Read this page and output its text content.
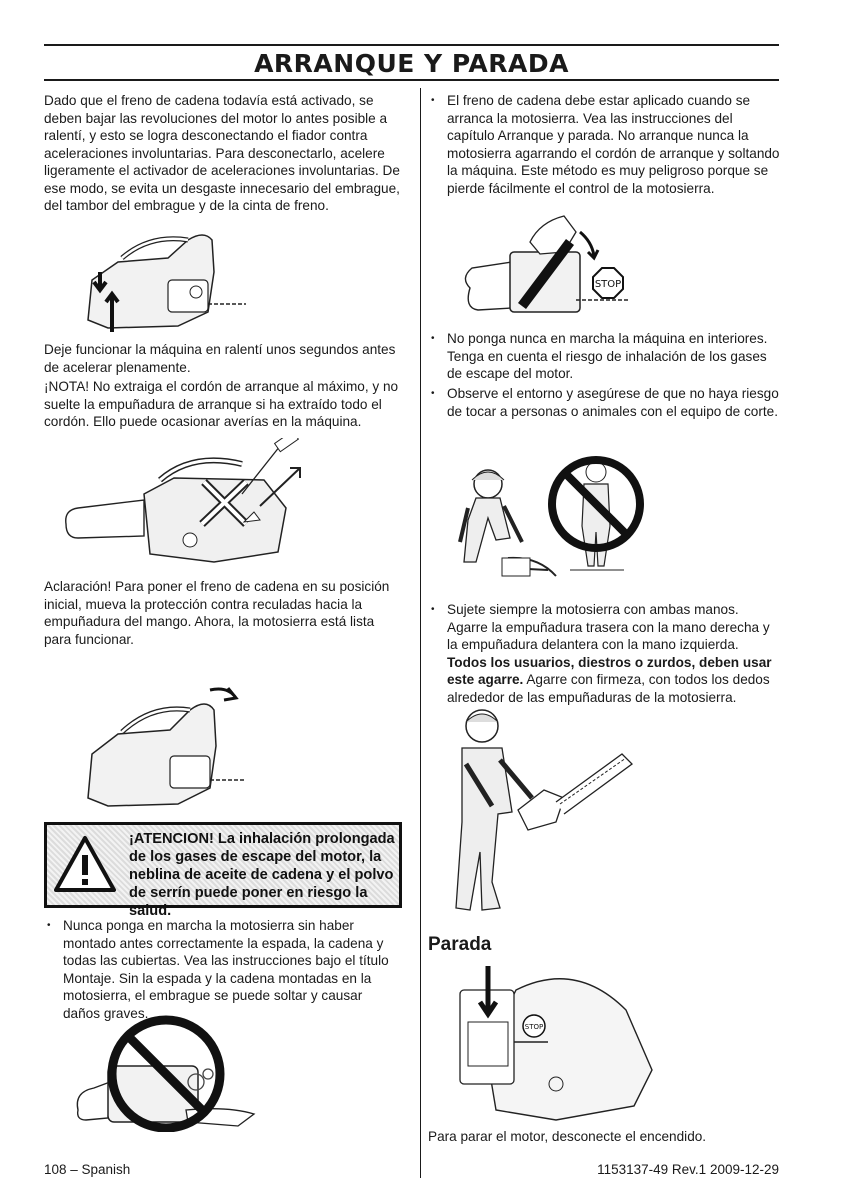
ARRANQUE Y PARADA

Dado que el freno de cadena todavía está activado, se deben bajar las revoluciones del motor lo antes posible a ralentí, y esto se logra desconectando el fiador contra aceleraciones involuntarias. Para desconectarlo, acelere ligeramente el activador de aceleraciones involuntarias. De ese modo, se evita un desgaste innecesario del embrague, del tambor del embrague y de la cinta de freno.

Deje funcionar la máquina en ralentí unos segundos antes de acelerar plenamente.

¡NOTA! No extraiga el cordón de arranque al máximo, y no suelte la empuñadura de arranque si ha extraído todo el cordón. Ello puede ocasionar averías en la máquina.

Aclaración! Para poner el freno de cadena en su posición inicial, mueva la protección contra reculadas hacia la empuñadura del mango. Ahora, la motosierra está lista para funcionar.

¡ATENCION! La inhalación prolongada de los gases de escape del motor, la neblina de aceite de cadena y el polvo de serrín puede poner en riesgo la salud.

• Nunca ponga en marcha la motosierra sin haber montado antes correctamente la espada, la cadena y todas las cubiertas. Vea las instrucciones bajo el título Montaje. Sin la espada y la cadena montadas en la motosierra, el embrague se puede soltar y causar daños graves.

• El freno de cadena debe estar aplicado cuando se arranca la motosierra. Vea las instrucciones del capítulo Arranque y parada. No arranque nunca la motosierra agarrando el cordón de arranque y soltando la máquina. Este método es muy peligroso porque se pierde fácilmente el control de la motosierra.

STOP

• No ponga nunca en marcha la máquina en interiores. Tenga en cuenta el riesgo de inhalación de los gases de escape del motor.

• Observe el entorno y asegúrese de que no haya riesgo de tocar a personas o animales con el equipo de corte.

• Sujete siempre la motosierra con ambas manos. Agarre la empuñadura trasera con la mano derecha y la empuñadura delantera con la mano izquierda. Todos los usuarios, diestros o zurdos, deben usar este agarre. Agarre con firmeza, con todos los dedos alrededor de las empuñaduras de la motosierra.

Parada
STOP

Para parar el motor, desconecte el encendido.

108 – Spanish	1153137-49 Rev.1 2009-12-29
